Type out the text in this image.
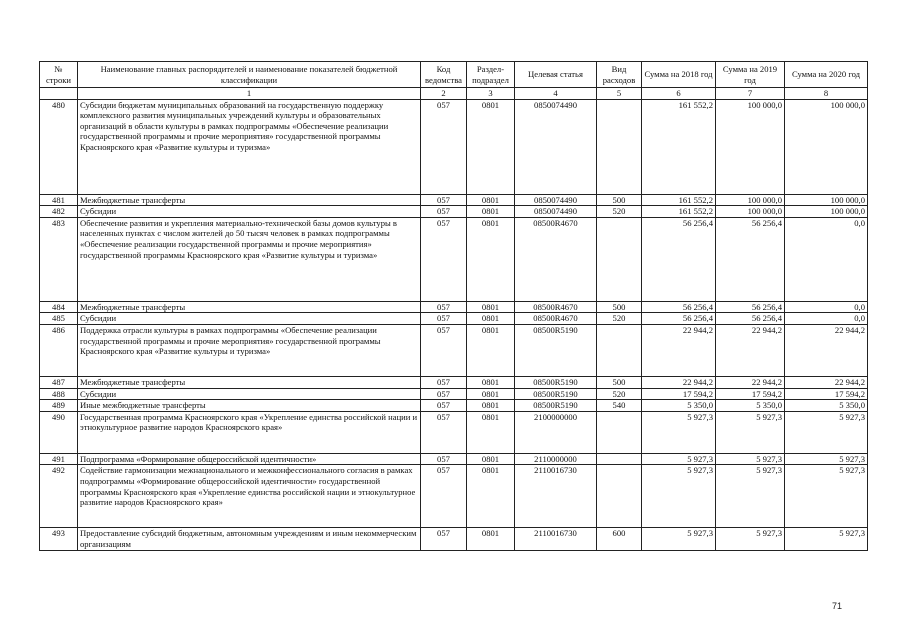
№ строки	Наименование главных распорядителей и наименование показателей бюджетной классификации	Код ведомства	Раздел-подраздел	Целевая статья	Вид расходов	Сумма на 2018 год	Сумма на 2019 год	Сумма на 2020 год
	1	2	3	4	5	6	7	8
480	Субсидии бюджетам муниципальных образований на государственную поддержку комплексного развития муниципальных учреждений культуры и образовательных организаций в области культуры в рамках подпрограммы «Обеспечение реализации государственной программы и прочие мероприятия» государственной программы Красноярского края «Развитие культуры и туризма»	057	0801	0850074490		161 552,2	100 000,0	100 000,0
481	Межбюджетные трансферты	057	0801	0850074490	500	161 552,2	100 000,0	100 000,0
482	Субсидии	057	0801	0850074490	520	161 552,2	100 000,0	100 000,0
483	Обеспечение развития и укрепления материально-технической базы домов культуры в населенных пунктах с числом жителей до 50 тысяч человек в рамках подпрограммы «Обеспечение реализации государственной программы и прочие мероприятия» государственной программы Красноярского края «Развитие культуры и туризма»	057	0801	08500R4670		56 256,4	56 256,4	0,0
484	Межбюджетные трансферты	057	0801	08500R4670	500	56 256,4	56 256,4	0,0
485	Субсидии	057	0801	08500R4670	520	56 256,4	56 256,4	0,0
486	Поддержка отрасли культуры в рамках подпрограммы «Обеспечение реализации государственной программы и прочие мероприятия» государственной программы Красноярского края «Развитие культуры и туризма»	057	0801	08500R5190		22 944,2	22 944,2	22 944,2
487	Межбюджетные трансферты	057	0801	08500R5190	500	22 944,2	22 944,2	22 944,2
488	Субсидии	057	0801	08500R5190	520	17 594,2	17 594,2	17 594,2
489	Иные межбюджетные трансферты	057	0801	08500R5190	540	5 350,0	5 350,0	5 350,0
490	Государственная программа Красноярского края «Укрепление единства российской нации и этнокультурное развитие народов Красноярского края»	057	0801	2100000000		5 927,3	5 927,3	5 927,3
491	Подпрограмма «Формирование общероссийской идентичности»	057	0801	2110000000		5 927,3	5 927,3	5 927,3
492	Содействие гармонизации межнационального и межконфессионального согласия в рамках подпрограммы «Формирование общероссийской идентичности» государственной программы Красноярского края «Укрепление единства российской нации и этнокультурное развитие народов Красноярского края»	057	0801	2110016730		5 927,3	5 927,3	5 927,3
493	Предоставление субсидий бюджетным, автономным учреждениям и иным некоммерческим организациям	057	0801	2110016730	600	5 927,3	5 927,3	5 927,3
71
